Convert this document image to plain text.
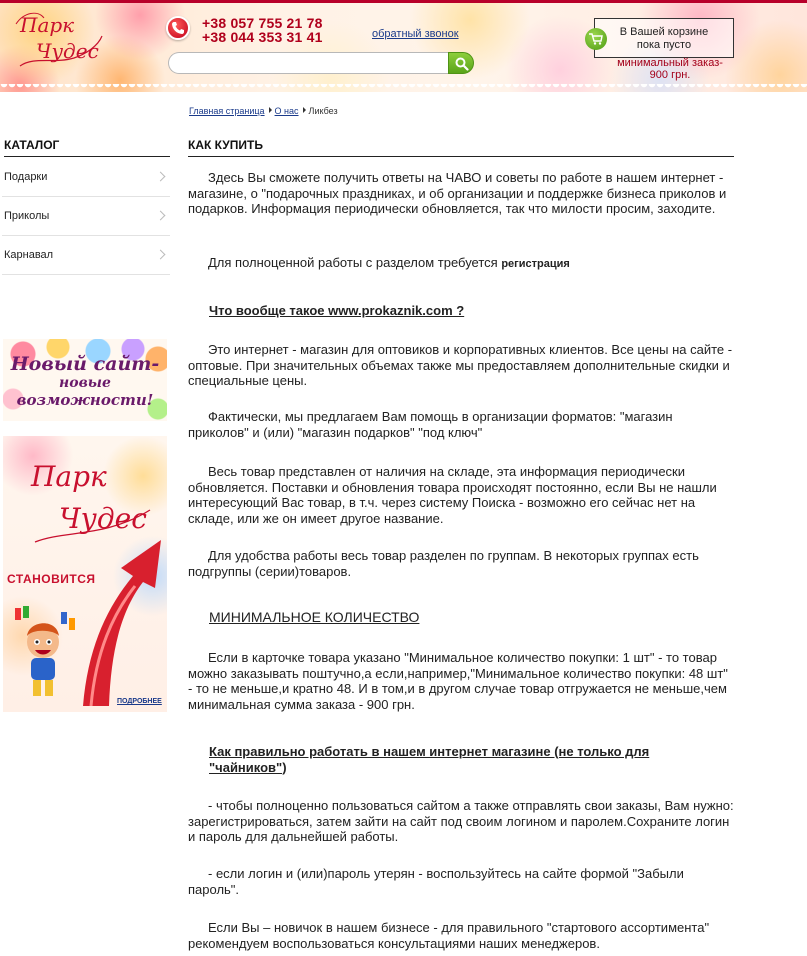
Парк
Чудес
+38 057 755 21 78
+38 044 353 31 41	обратный звонок	В Вашей корзине
пока пусто
минимальный заказ-
900 грн.
Главная страница О нас Ликбез
КАТАЛОГ
Подарки
Приколы
Карнавал
Новый сайт-
новые
возможности!
Парк
Чудес
СТАНОВИТСЯ
ПОДРОБНЕЕ
КАК КУПИТЬ
Здесь Вы сможете получить ответы на ЧАВО и советы по работе в нашем интернет - магазине, о "подарочных праздниках, и об организации и поддержке бизнеса приколов и подарков. Информация периодически обновляется, так что милости просим, заходите.
Для полноценной работы с разделом требуется регистрация
Что вообще такое www.prokaznik.com ?
Это интернет - магазин для оптовиков и корпоративных клиентов. Все цены на сайте - оптовые. При значительных объемах также мы предоставляем дополнительные скидки и специальные цены.
Фактически, мы предлагаем Вам помощь в организации форматов: "магазин приколов" и (или) "магазин подарков" "под ключ"
Весь товар представлен от наличия на складе, эта информация периодически обновляется. Поставки и обновления товара происходят постоянно, если Вы не нашли интересующий Вас товар, в т.ч. через систему Поиска - возможно его сейчас нет на складе, или же он имеет другое название.
Для удобства работы весь товар разделен по группам. В некоторых группах есть подгруппы (серии)товаров.
МИНИМАЛЬНОЕ КОЛИЧЕСТВО
Если в карточке товара указано "Минимальное количество покупки: 1 шт" - то товар можно заказывать поштучно,а если,например,"Минимальное количество покупки: 48 шт" - то не меньше,и кратно 48. И в том,и в другом случае товар отгружается не меньше,чем минимальная сумма заказа - 900 грн.
Как правильно работать в нашем интернет магазине (не только для "чайников")
- чтобы полноценно пользоваться сайтом а также отправлять свои заказы, Вам нужно: зарегистрироваться, затем зайти на сайт под своим логином и паролем.Сохраните логин и пароль для дальнейшей работы.
- если логин и (или)пароль утерян - воспользуйтесь на сайте формой "Забыли пароль".
Если Вы – новичок в нашем бизнесе - для правильного "стартового ассортимента" рекомендуем воспользоваться консультациями наших менеджеров.
